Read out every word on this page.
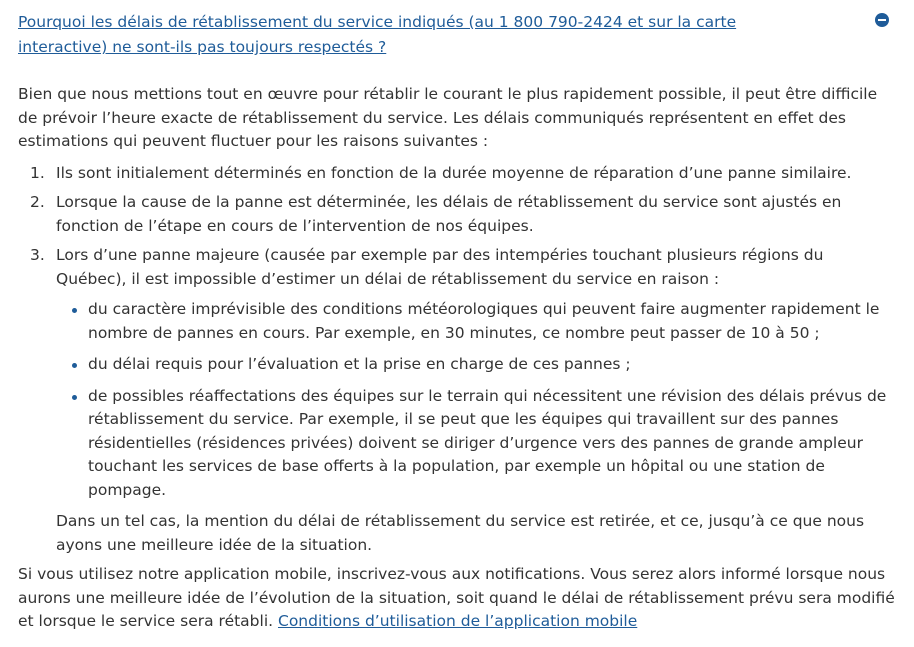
Pourquoi les délais de rétablissement du service indiqués (au 1 800 790-2424 et sur la carte interactive) ne sont-ils pas toujours respectés ?

Bien que nous mettions tout en œuvre pour rétablir le courant le plus rapidement possible, il peut être difficile de prévoir l’heure exacte de rétablissement du service. Les délais communiqués représentent en effet des estimations qui peuvent fluctuer pour les raisons suivantes :

1. Ils sont initialement déterminés en fonction de la durée moyenne de réparation d’une panne similaire.
2. Lorsque la cause de la panne est déterminée, les délais de rétablissement du service sont ajustés en fonction de l’étape en cours de l’intervention de nos équipes.
3. Lors d’une panne majeure (causée par exemple par des intempéries touchant plusieurs régions du Québec), il est impossible d’estimer un délai de rétablissement du service en raison :
du caractère imprévisible des conditions météorologiques qui peuvent faire augmenter rapidement le nombre de pannes en cours. Par exemple, en 30 minutes, ce nombre peut passer de 10 à 50 ;
du délai requis pour l’évaluation et la prise en charge de ces pannes ;
de possibles réaffectations des équipes sur le terrain qui nécessitent une révision des délais prévus de rétablissement du service. Par exemple, il se peut que les équipes qui travaillent sur des pannes résidentielles (résidences privées) doivent se diriger d’urgence vers des pannes de grande ampleur touchant les services de base offerts à la population, par exemple un hôpital ou une station de pompage.

Dans un tel cas, la mention du délai de rétablissement du service est retirée, et ce, jusqu’à ce que nous ayons une meilleure idée de la situation.

Si vous utilisez notre application mobile, inscrivez-vous aux notifications. Vous serez alors informé lorsque nous aurons une meilleure idée de l’évolution de la situation, soit quand le délai de rétablissement prévu sera modifié et lorsque le service sera rétabli. Conditions d’utilisation de l’application mobile
